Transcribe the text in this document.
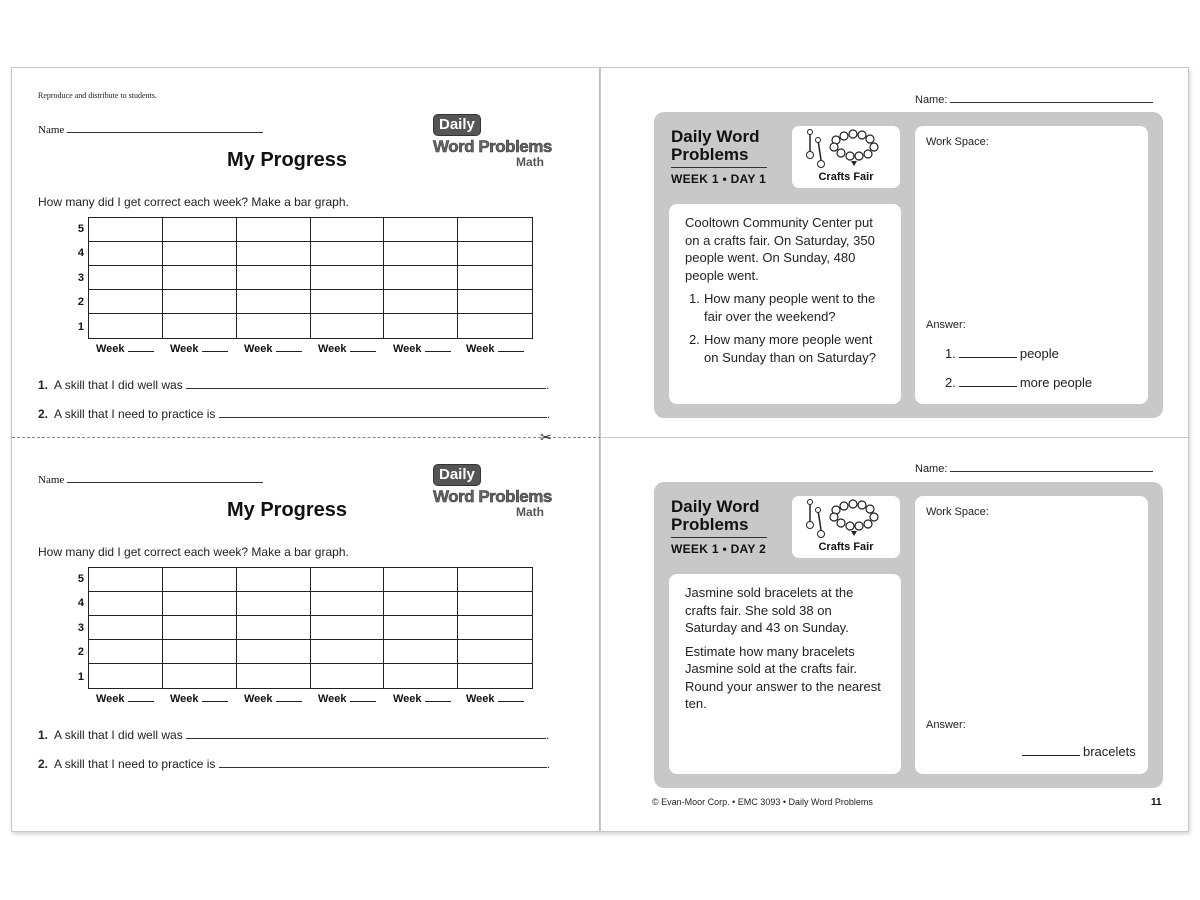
Reproduce and distribute to students.
Name
My Progress
Daily
Word Problems
Math
How many did I get correct each week? Make a bar graph.
5
4
3
2
1
Week	Week	Week	Week	Week	Week
1. A skill that I did well was	.
2. A skill that I need to practice is	.
✂
Name
My Progress
Daily
Word Problems
Math
How many did I get correct each week? Make a bar graph.
5
4
3
2
1
Week	Week	Week	Week	Week	Week
1. A skill that I did well was	.
2. A skill that I need to practice is	.
Name:
Daily Word
Problems
WEEK 1 • DAY 1	Crafts Fair

Cooltown Community Center put on a crafts fair. On Saturday, 350 people went. On Sunday, 480 people went.

1. How many people went to the fair over the weekend?
2. How many more people went on Sunday than on Saturday?
Work Space:
Answer:
1.	people
2.	more people
Name:
Daily Word
Problems
WEEK 1 • DAY 2	Crafts Fair

Jasmine sold bracelets at the crafts fair. She sold 38 on Saturday and 43 on Sunday.

Estimate how many bracelets Jasmine sold at the crafts fair. Round your answer to the nearest ten.

Work Space:
Answer:
bracelets
© Evan-Moor Corp. • EMC 3093 • Daily Word Problems	11
